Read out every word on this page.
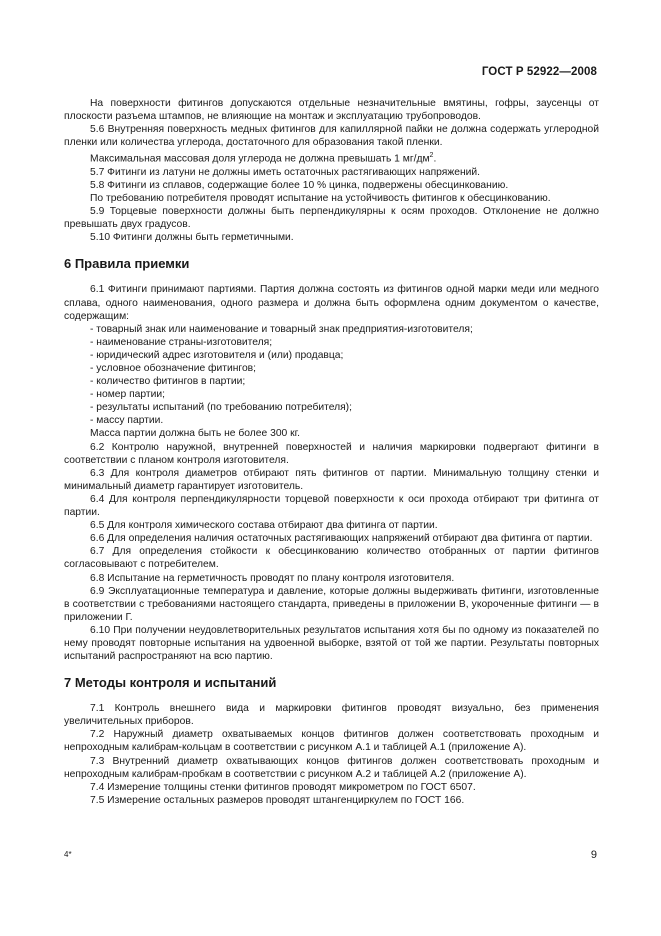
ГОСТ Р 52922—2008

На поверхности фитингов допускаются отдельные незначительные вмятины, гофры, заусенцы от плоскости разъема штампов, не влияющие на монтаж и эксплуатацию трубопроводов.

5.6 Внутренняя поверхность медных фитингов для капиллярной пайки не должна содержать углеродной пленки или количества углерода, достаточного для образования такой пленки.

Максимальная массовая доля углерода не должна превышать 1 $мг/дм^2$.

5.7 Фитинги из латуни не должны иметь остаточных растягивающих напряжений.

5.8 Фитинги из сплавов, содержащие более 10 % цинка, подвержены обесцинкованию.

По требованию потребителя проводят испытание на устойчивость фитингов к обесцинкованию.

5.9 Торцевые поверхности должны быть перпендикулярны к осям проходов. Отклонение не должно превышать двух градусов.

5.10 Фитинги должны быть герметичными.

6 Правила приемки

6.1 Фитинги принимают партиями. Партия должна состоять из фитингов одной марки меди или медного сплава, одного наименования, одного размера и должна быть оформлена одним документом о качестве, содержащим:

- товарный знак или наименование и товарный знак предприятия-изготовителя;

- наименование страны-изготовителя;

- юридический адрес изготовителя и (или) продавца;

- условное обозначение фитингов;

- количество фитингов в партии;

- номер партии;

- результаты испытаний (по требованию потребителя);

- массу партии.

Масса партии должна быть не более 300 кг.

6.2 Контролю наружной, внутренней поверхностей и наличия маркировки подвергают фитинги в соответствии с планом контроля изготовителя.

6.3 Для контроля диаметров отбирают пять фитингов от партии. Минимальную толщину стенки и минимальный диаметр гарантирует изготовитель.

6.4 Для контроля перпендикулярности торцевой поверхности к оси прохода отбирают три фитинга от партии.

6.5 Для контроля химического состава отбирают два фитинга от партии.

6.6 Для определения наличия остаточных растягивающих напряжений отбирают два фитинга от партии.

6.7 Для определения стойкости к обесцинкованию количество отобранных от партии фитингов согласовывают с потребителем.

6.8 Испытание на герметичность проводят по плану контроля изготовителя.

6.9 Эксплуатационные температура и давление, которые должны выдерживать фитинги, изготовленные в соответствии с требованиями настоящего стандарта, приведены в приложении В, укороченные фитинги — в приложении Г.

6.10 При получении неудовлетворительных результатов испытания хотя бы по одному из показателей по нему проводят повторные испытания на удвоенной выборке, взятой от той же партии. Результаты повторных испытаний распространяют на всю партию.

7 Методы контроля и испытаний

7.1 Контроль внешнего вида и маркировки фитингов проводят визуально, без применения увеличительных приборов.

7.2 Наружный диаметр охватываемых концов фитингов должен соответствовать проходным и непроходным калибрам-кольцам в соответствии с рисунком А.1 и таблицей А.1 (приложение А).

7.3 Внутренний диаметр охватывающих концов фитингов должен соответствовать проходным и непроходным калибрам-пробкам в соответствии с рисунком А.2 и таблицей А.2 (приложение А).

7.4 Измерение толщины стенки фитингов проводят микрометром по ГОСТ 6507.

7.5 Измерение остальных размеров проводят штангенциркулем по ГОСТ 166.

4*	9
